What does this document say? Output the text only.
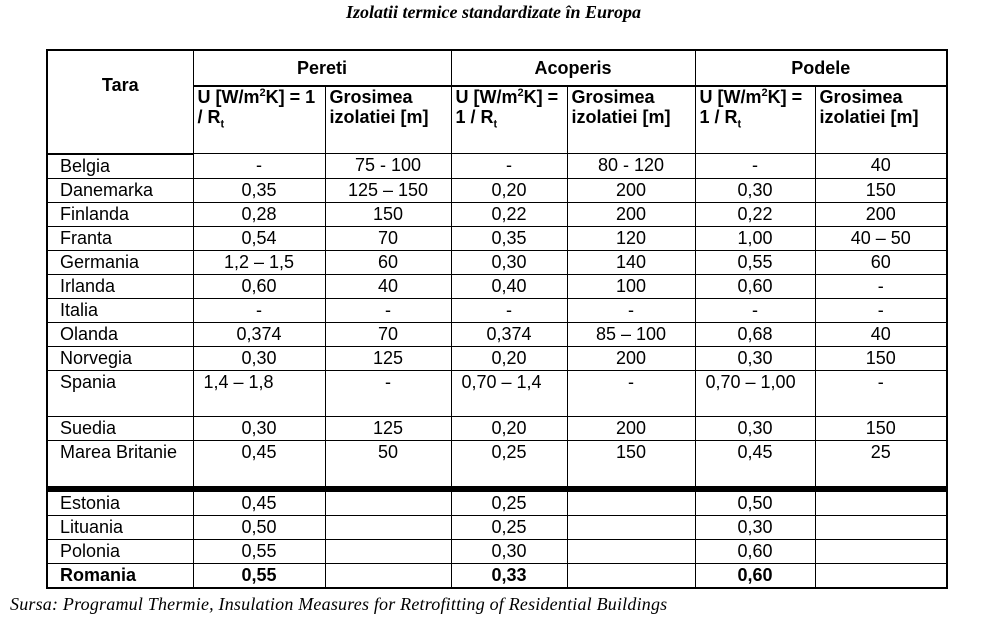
Izolatii termice standardizate în Europa
Tara	Pereti		Acoperis		Podele	
	U $[W/m^2K] = 1 / R_t$	Grosimea izolatiei [m]	U $[W/m^2K] = 1 / R_t$	Grosimea izolatiei [m]	U $[W/m^2K] = 1 / R_t$	Grosimea izolatiei [m]
Belgia	-	75 - 100	-	80 - 120	-	40
Danemarka	0,35	125 – 150	0,20	200	0,30	150
Finlanda	0,28	150	0,22	200	0,22	200
Franta	0,54	70	0,35	120	1,00	40 – 50
Germania	1,2 – 1,5	60	0,30	140	0,55	60
Irlanda	0,60	40	0,40	100	0,60	-
Italia	-	-	-	-	-	-
Olanda	0,374	70	0,374	85 – 100	0,68	40
Norvegia	0,30	125	0,20	200	0,30	150
Spania	1,4 – 1,8	-	0,70 – 1,4	-	0,70 – 1,00	-
Suedia	0,30	125	0,20	200	0,30	150
Marea Britanie	0,45	50	0,25	150	0,45	25
Estonia	0,45		0,25		0,50	
Lituania	0,50		0,25		0,30	
Polonia	0,55		0,30		0,60	
Romania	0,55		0,33		0,60	
Sursa: Programul Thermie, Insulation Measures for Retrofitting of Residential Buildings
